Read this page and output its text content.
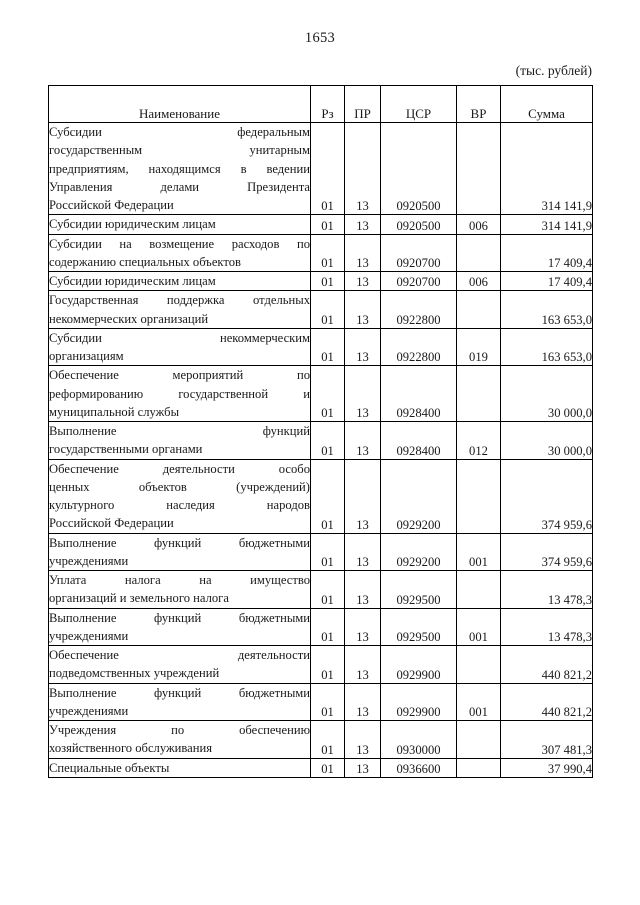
1653
(тыс. рублей)
Наименование	Рз	ПР	ЦСР	ВР	Сумма

Субсидии федеральным
государственным унитарным
предприятиям, находящимся в ведении
Управления делами Президента
Российской Федерации	01	13	0920500		314 141,9

Субсидии юридическим лицам	01	13	0920500	006	314 141,9

Субсидии на возмещение расходов по
содержанию специальных объектов	01	13	0920700		17 409,4

Субсидии юридическим лицам	01	13	0920700	006	17 409,4

Государственная поддержка отдельных
некоммерческих организаций	01	13	0922800		163 653,0

Субсидии некоммерческим
организациям	01	13	0922800	019	163 653,0

Обеспечение мероприятий по
реформированию государственной и
муниципальной службы	01	13	0928400		30 000,0

Выполнение функций
государственными органами	01	13	0928400	012	30 000,0

Обеспечение деятельности особо
ценных объектов (учреждений)
культурного наследия народов
Российской Федерации	01	13	0929200		374 959,6

Выполнение функций бюджетными
учреждениями	01	13	0929200	001	374 959,6

Уплата налога на имущество
организаций и земельного налога	01	13	0929500		13 478,3

Выполнение функций бюджетными
учреждениями	01	13	0929500	001	13 478,3

Обеспечение деятельности
подведомственных учреждений	01	13	0929900		440 821,2

Выполнение функций бюджетными
учреждениями	01	13	0929900	001	440 821,2

Учреждения по обеспечению
хозяйственного обслуживания	01	13	0930000		307 481,3

Специальные объекты	01	13	0936600		37 990,4
